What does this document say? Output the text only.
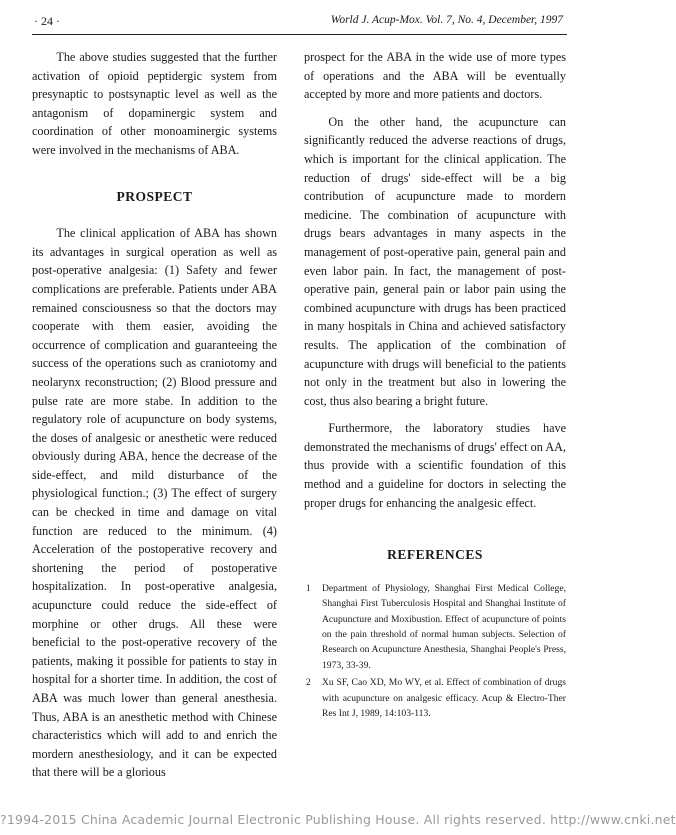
· 24 ·	World J. Acup-Mox. Vol. 7, No. 4, December, 1997

The above studies suggested that the further activation of opioid peptidergic system from presynaptic to postsynaptic level as well as the antagonism of dopaminergic system and coordination of other monoaminergic systems were involved in the mechanisms of ABA.

PROSPECT

The clinical application of ABA has shown its advantages in surgical operation as well as post-operative analgesia: (1) Safety and fewer complications are preferable. Patients under ABA remained consciousness so that the doctors may cooperate with them easier, avoiding the occurrence of complication and guaranteeing the success of the operations such as craniotomy and neolarynx reconstruction; (2) Blood pressure and pulse rate are more stabe. In addition to the regulatory role of acupuncture on body systems, the doses of analgesic or anesthetic were reduced obviously during ABA, hence the decrease of the side-effect, and mild disturbance of the physiological function.; (3) The effect of surgery can be checked in time and damage on vital function are reduced to the minimum. (4) Acceleration of the postoperative recovery and shortening the period of postoperative hospitalization. In post-operative analgesia, acupuncture could reduce the side-effect of morphine or other drugs. All these were beneficial to the post-operative recovery of the patients, making it possible for patients to stay in hospital for a shorter time. In addition, the cost of ABA was much lower than general anesthesia. Thus, ABA is an anesthetic method with Chinese characteristics which will add to and enrich the mordern anesthesiology, and it can be expected that there will be a glorious

prospect for the ABA in the wide use of more types of operations and the ABA will be eventually accepted by more and more patients and doctors.

On the other hand, the acupuncture can significantly reduced the adverse reactions of drugs, which is important for the clinical application. The reduction of drugs' side-effect will be a big contribution of acupuncture made to mordern medicine. The combination of acupuncture with drugs bears advantages in many aspects in the management of post-operative pain, general pain and even labor pain. In fact, the management of post-operative pain, general pain or labor pain using the combined acupuncture with drugs has been practiced in many hospitals in China and achieved satisfactory results. The application of the combination of acupuncture with drugs will beneficial to the patients not only in the treatment but also in lowering the cost, thus also bearing a bright future.

Furthermore, the laboratory studies have demonstrated the mechanisms of drugs' effect on AA, thus provide with a scientific foundation of this method and a guideline for doctors in selecting the proper drugs for enhancing the analgesic effect.

REFERENCES
1 Department of Physiology, Shanghai First Medical College, Shanghai First Tuberculosis Hospital and Shanghai Institute of Acupuncture and Moxibustion. Effect of acupuncture of points on the pain threshold of normal human subjects. Selection of Research on Acupuncture Anesthesia, Shanghai People's Press, 1973, 33-39.
2 Xu SF, Cao XD, Mo WY, et al. Effect of combination of drugs with acupuncture on analgesic efficacy. Acup & Electro-Ther Res Int J, 1989, 14:103-113.
?1994-2015 China Academic Journal Electronic Publishing House. All rights reserved. http://www.cnki.net
